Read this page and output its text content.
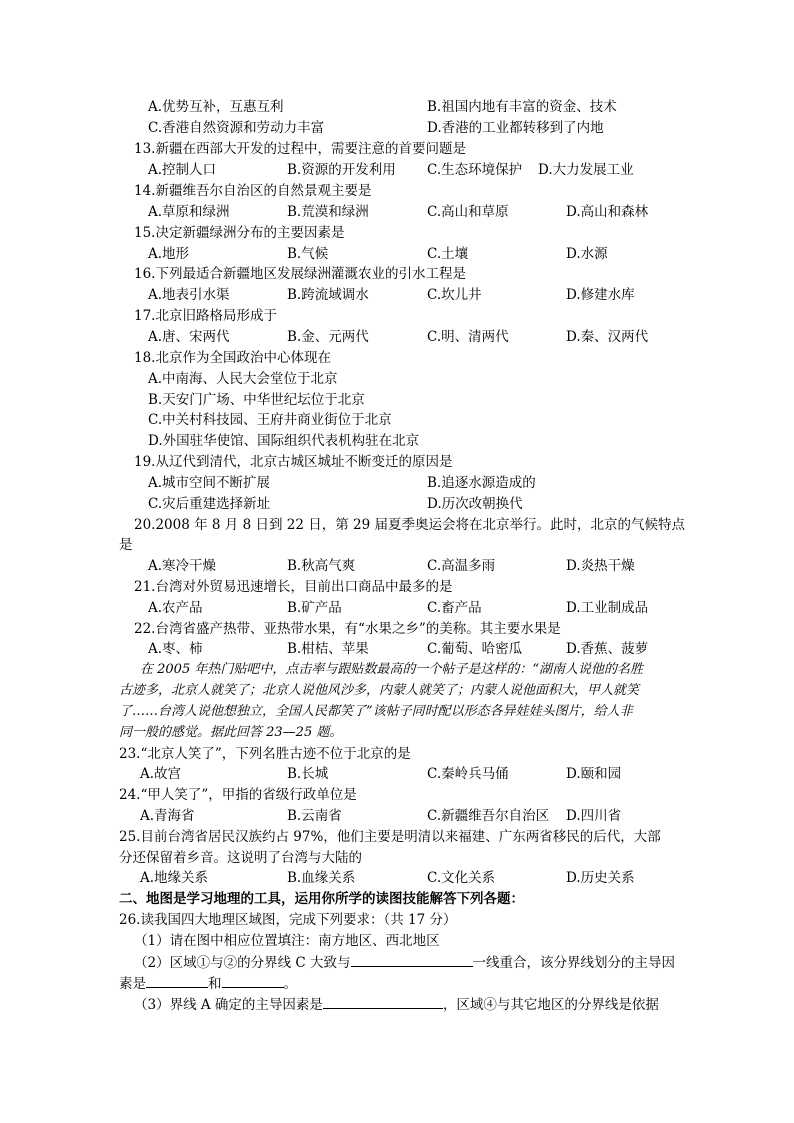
A.优势互补，互惠互利	B.祖国内地有丰富的资金、技术
C.香港自然资源和劳动力丰富	D.香港的工业都转移到了内地
13.新疆在西部大开发的过程中，需要注意的首要问题是
A.控制人口	B.资源的开发利用 C.生态环境保护 D.大力发展工业
14.新疆维吾尔自治区的自然景观主要是
A.草原和绿洲	B.荒漠和绿洲	C.高山和草原	D.高山和森林
15.决定新疆绿洲分布的主要因素是
A.地形	B.气候	C.土壤	D.水源
16.下列最适合新疆地区发展绿洲灌溉农业的引水工程是
A.地表引水渠	B.跨流域调水	C.坎儿井	D.修建水库
17.北京旧路格局形成于
A.唐、宋两代	B.金、元两代	C.明、清两代	D.秦、汉两代
18.北京作为全国政治中心体现在
A.中南海、人民大会堂位于北京
B.天安门广场、中华世纪坛位于北京
C.中关村科技园、王府井商业街位于北京
D.外国驻华使馆、国际组织代表机构驻在北京
19.从辽代到清代，北京古城区城址不断变迁的原因是
A.城市空间不断扩展	B.追逐水源造成的
C.灾后重建选择新址	D.历次改朝换代
20.2008 年 8 月 8 日到 22 日，第 29 届夏季奥运会将在北京举行。此时，北京的气候特点
是
A.寒冷干燥	B.秋高气爽	C.高温多雨	D.炎热干燥
21.台湾对外贸易迅速增长，目前出口商品中最多的是
A.农产品	B.矿产品	C.畜产品	D.工业制成品
22.台湾省盛产热带、亚热带水果，有“水果之乡”的美称。其主要水果是
A.枣、柿	B.柑桔、苹果	C.葡萄、哈密瓜	D.香蕉、菠萝
在 2005 年热门贴吧中，点击率与跟贴数最高的一个帖子是这样的：“湖南人说他的名胜
古迹多，北京人就笑了；北京人说他风沙多，内蒙人就笑了；内蒙人说他面积大，甲人就笑
了……台湾人说他想独立，全国人民都笑了”该帖子同时配以形态各异娃娃头图片，给人非
同一般的感觉。据此回答 23—25 题。
23.“北京人笑了”，下列名胜古迹不位于北京的是
A.故宫	B.长城	C.秦岭兵马俑	D.颐和园
24.“甲人笑了”，甲指的省级行政单位是
A.青海省	B.云南省	C.新疆维吾尔自治区 D.四川省
25.目前台湾省居民汉族约占 97%，他们主要是明清以来福建、广东两省移民的后代，大部
分还保留着乡音。这说明了台湾与大陆的
A.地缘关系	B.血缘关系	C.文化关系	D.历史关系
二、地图是学习地理的工具，运用你所学的读图技能解答下列各题：
26.读我国四大地理区域图，完成下列要求：（共 17 分）
（1）请在图中相应位置填注：南方地区、西北地区
（2）区域①与②的分界线 C 大致与	一线重合，该分界线划分的主导因
素是	和	。
（3）界线 A 确定的主导因素是	，区域④与其它地区的分界线是依据
